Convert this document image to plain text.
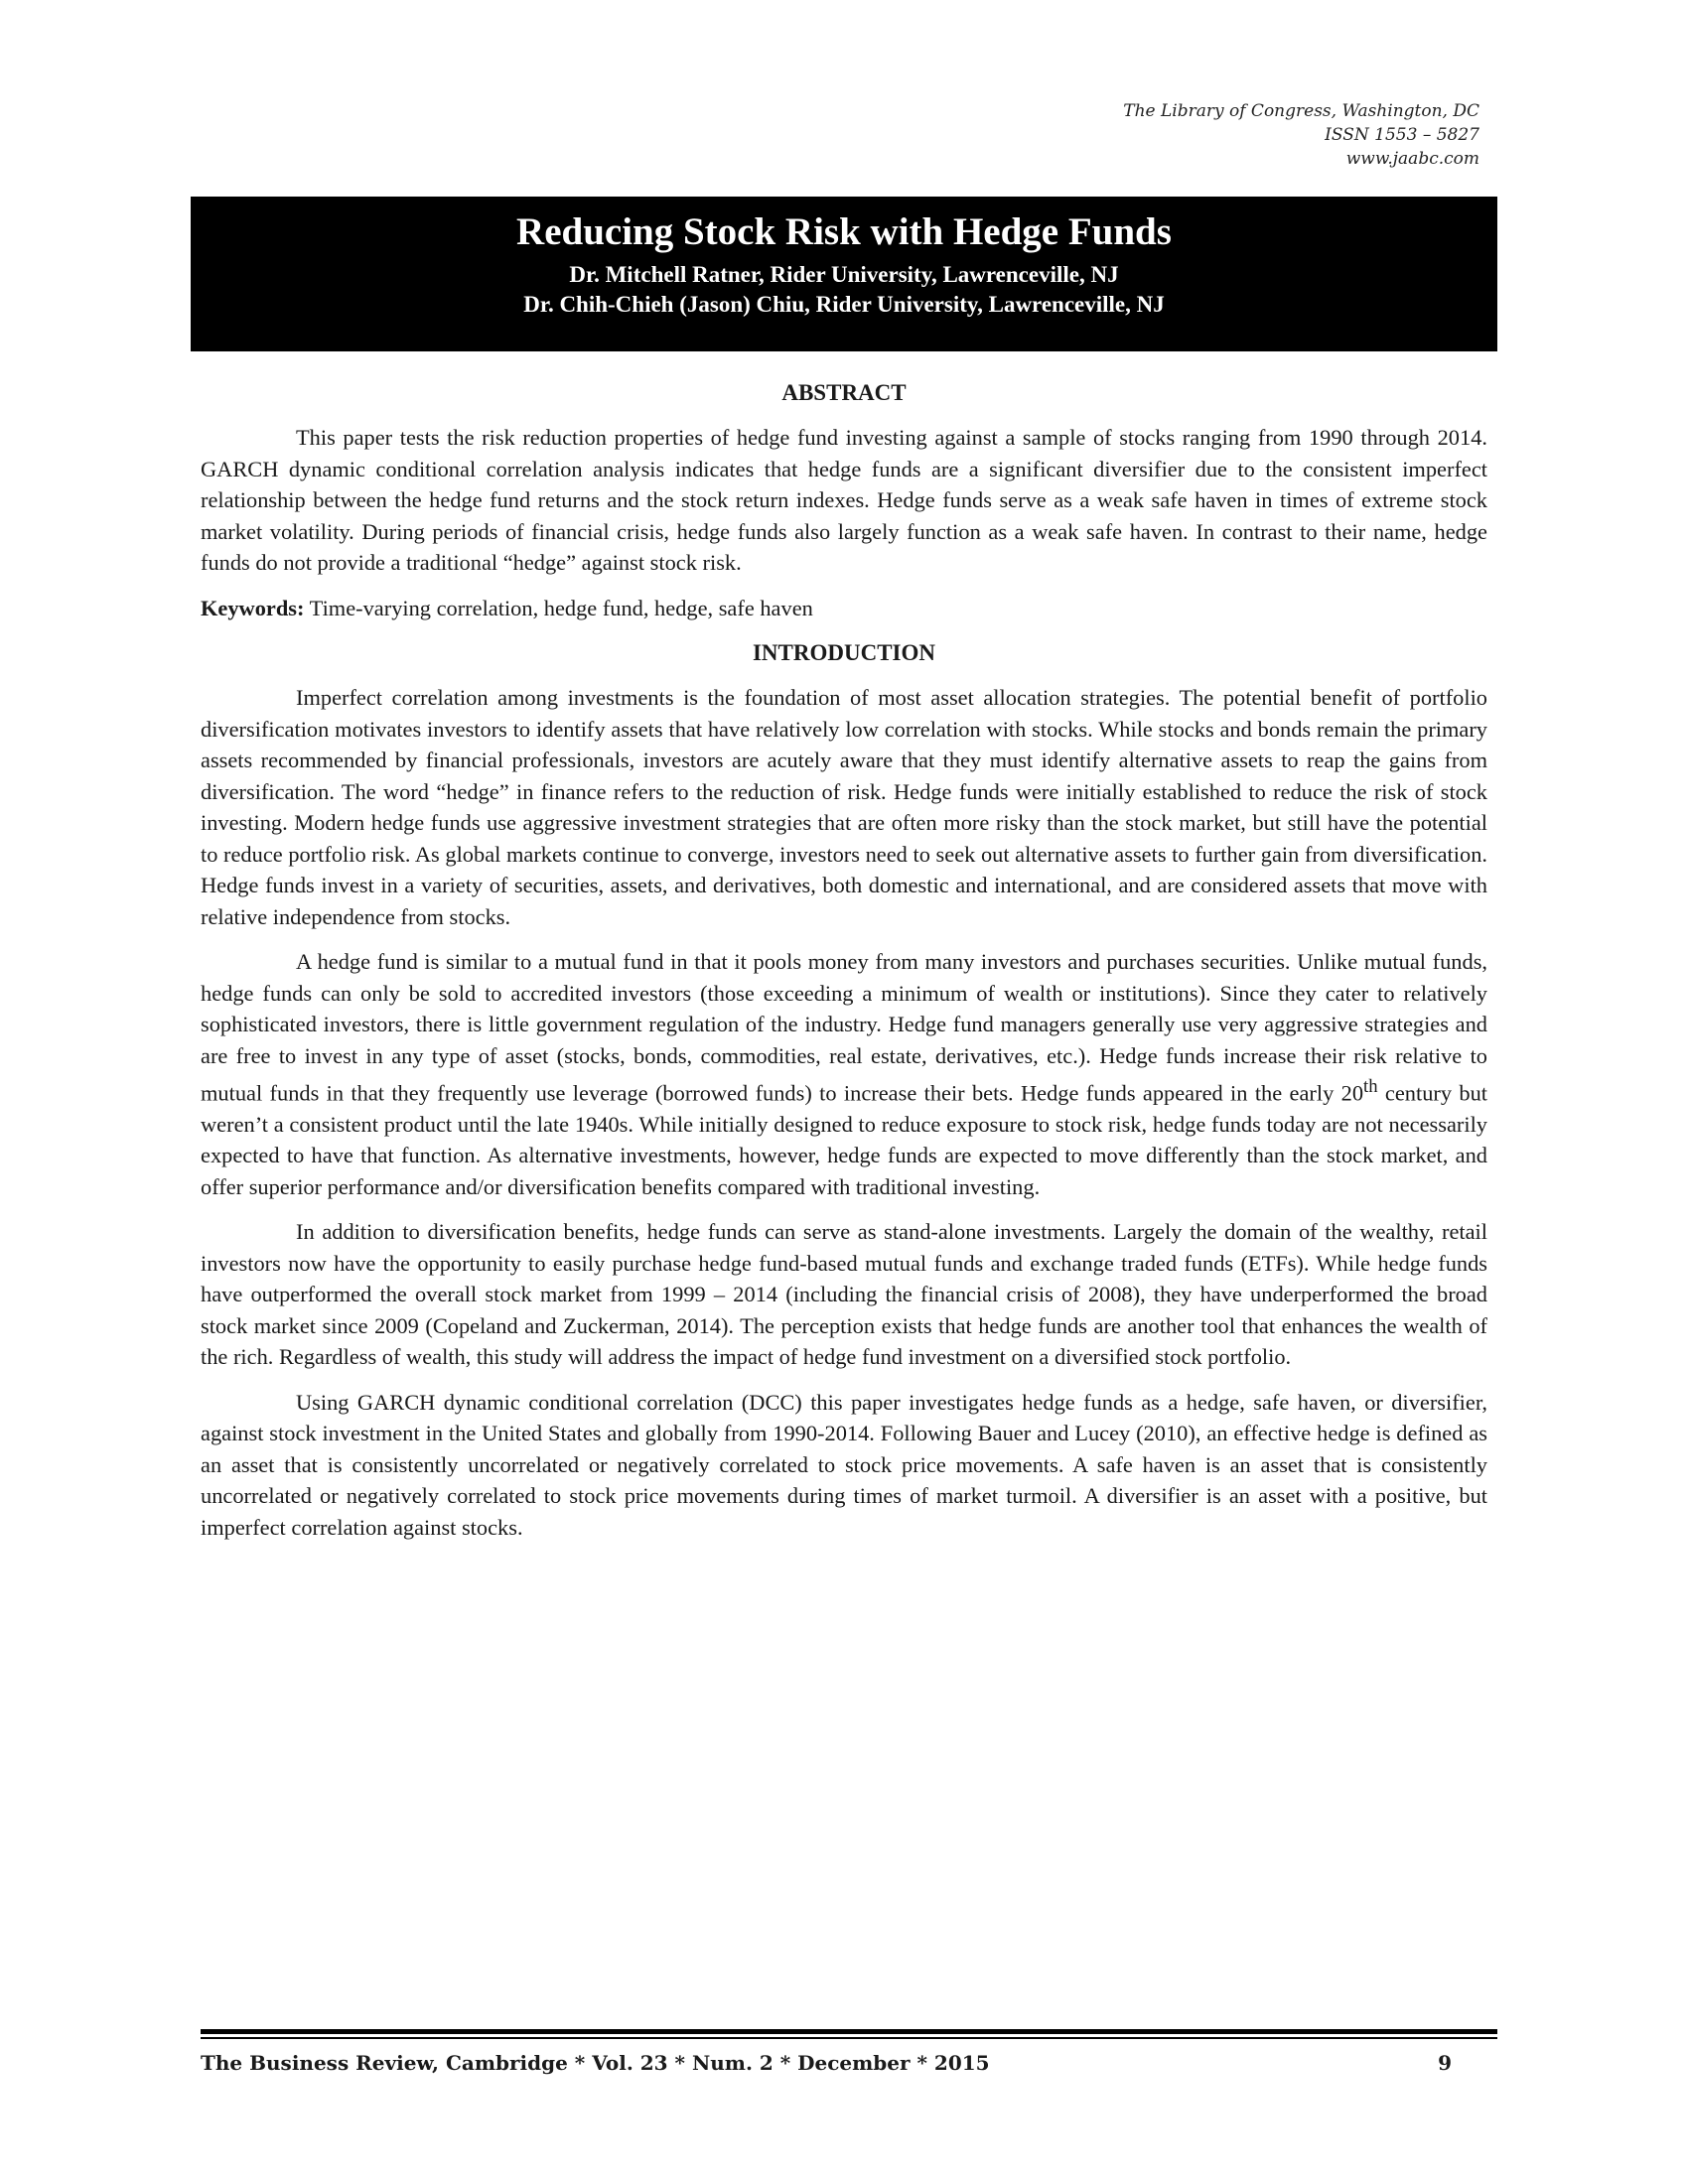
The Library of Congress, Washington, DC
ISSN 1553 – 5827
www.jaabc.com
Reducing Stock Risk with Hedge Funds
Dr. Mitchell Ratner, Rider University, Lawrenceville, NJ
Dr. Chih-Chieh (Jason) Chiu, Rider University, Lawrenceville, NJ
ABSTRACT

This paper tests the risk reduction properties of hedge fund investing against a sample of stocks ranging from 1990 through 2014. GARCH dynamic conditional correlation analysis indicates that hedge funds are a significant diversifier due to the consistent imperfect relationship between the hedge fund returns and the stock return indexes. Hedge funds serve as a weak safe haven in times of extreme stock market volatility. During periods of financial crisis, hedge funds also largely function as a weak safe haven. In contrast to their name, hedge funds do not provide a traditional “hedge” against stock risk.

Keywords: Time-varying correlation, hedge fund, hedge, safe haven

INTRODUCTION

Imperfect correlation among investments is the foundation of most asset allocation strategies. The potential benefit of portfolio diversification motivates investors to identify assets that have relatively low correlation with stocks. While stocks and bonds remain the primary assets recommended by financial professionals, investors are acutely aware that they must identify alternative assets to reap the gains from diversification. The word “hedge” in finance refers to the reduction of risk. Hedge funds were initially established to reduce the risk of stock investing. Modern hedge funds use aggressive investment strategies that are often more risky than the stock market, but still have the potential to reduce portfolio risk. As global markets continue to converge, investors need to seek out alternative assets to further gain from diversification. Hedge funds invest in a variety of securities, assets, and derivatives, both domestic and international, and are considered assets that move with relative independence from stocks.

A hedge fund is similar to a mutual fund in that it pools money from many investors and purchases securities. Unlike mutual funds, hedge funds can only be sold to accredited investors (those exceeding a minimum of wealth or institutions). Since they cater to relatively sophisticated investors, there is little government regulation of the industry. Hedge fund managers generally use very aggressive strategies and are free to invest in any type of asset (stocks, bonds, commodities, real estate, derivatives, etc.). Hedge funds increase their risk relative to mutual funds in that they frequently use leverage (borrowed funds) to increase their bets. Hedge funds appeared in the early 20th century but weren’t a consistent product until the late 1940s. While initially designed to reduce exposure to stock risk, hedge funds today are not necessarily expected to have that function. As alternative investments, however, hedge funds are expected to move differently than the stock market, and offer superior performance and/or diversification benefits compared with traditional investing.

In addition to diversification benefits, hedge funds can serve as stand-alone investments. Largely the domain of the wealthy, retail investors now have the opportunity to easily purchase hedge fund-based mutual funds and exchange traded funds (ETFs). While hedge funds have outperformed the overall stock market from 1999 – 2014 (including the financial crisis of 2008), they have underperformed the broad stock market since 2009 (Copeland and Zuckerman, 2014). The perception exists that hedge funds are another tool that enhances the wealth of the rich. Regardless of wealth, this study will address the impact of hedge fund investment on a diversified stock portfolio.

Using GARCH dynamic conditional correlation (DCC) this paper investigates hedge funds as a hedge, safe haven, or diversifier, against stock investment in the United States and globally from 1990-2014. Following Bauer and Lucey (2010), an effective hedge is defined as an asset that is consistently uncorrelated or negatively correlated to stock price movements. A safe haven is an asset that is consistently uncorrelated or negatively correlated to stock price movements during times of market turmoil. A diversifier is an asset with a positive, but imperfect correlation against stocks.

The Business Review, Cambridge * Vol. 23 * Num. 2 * December * 2015	9
